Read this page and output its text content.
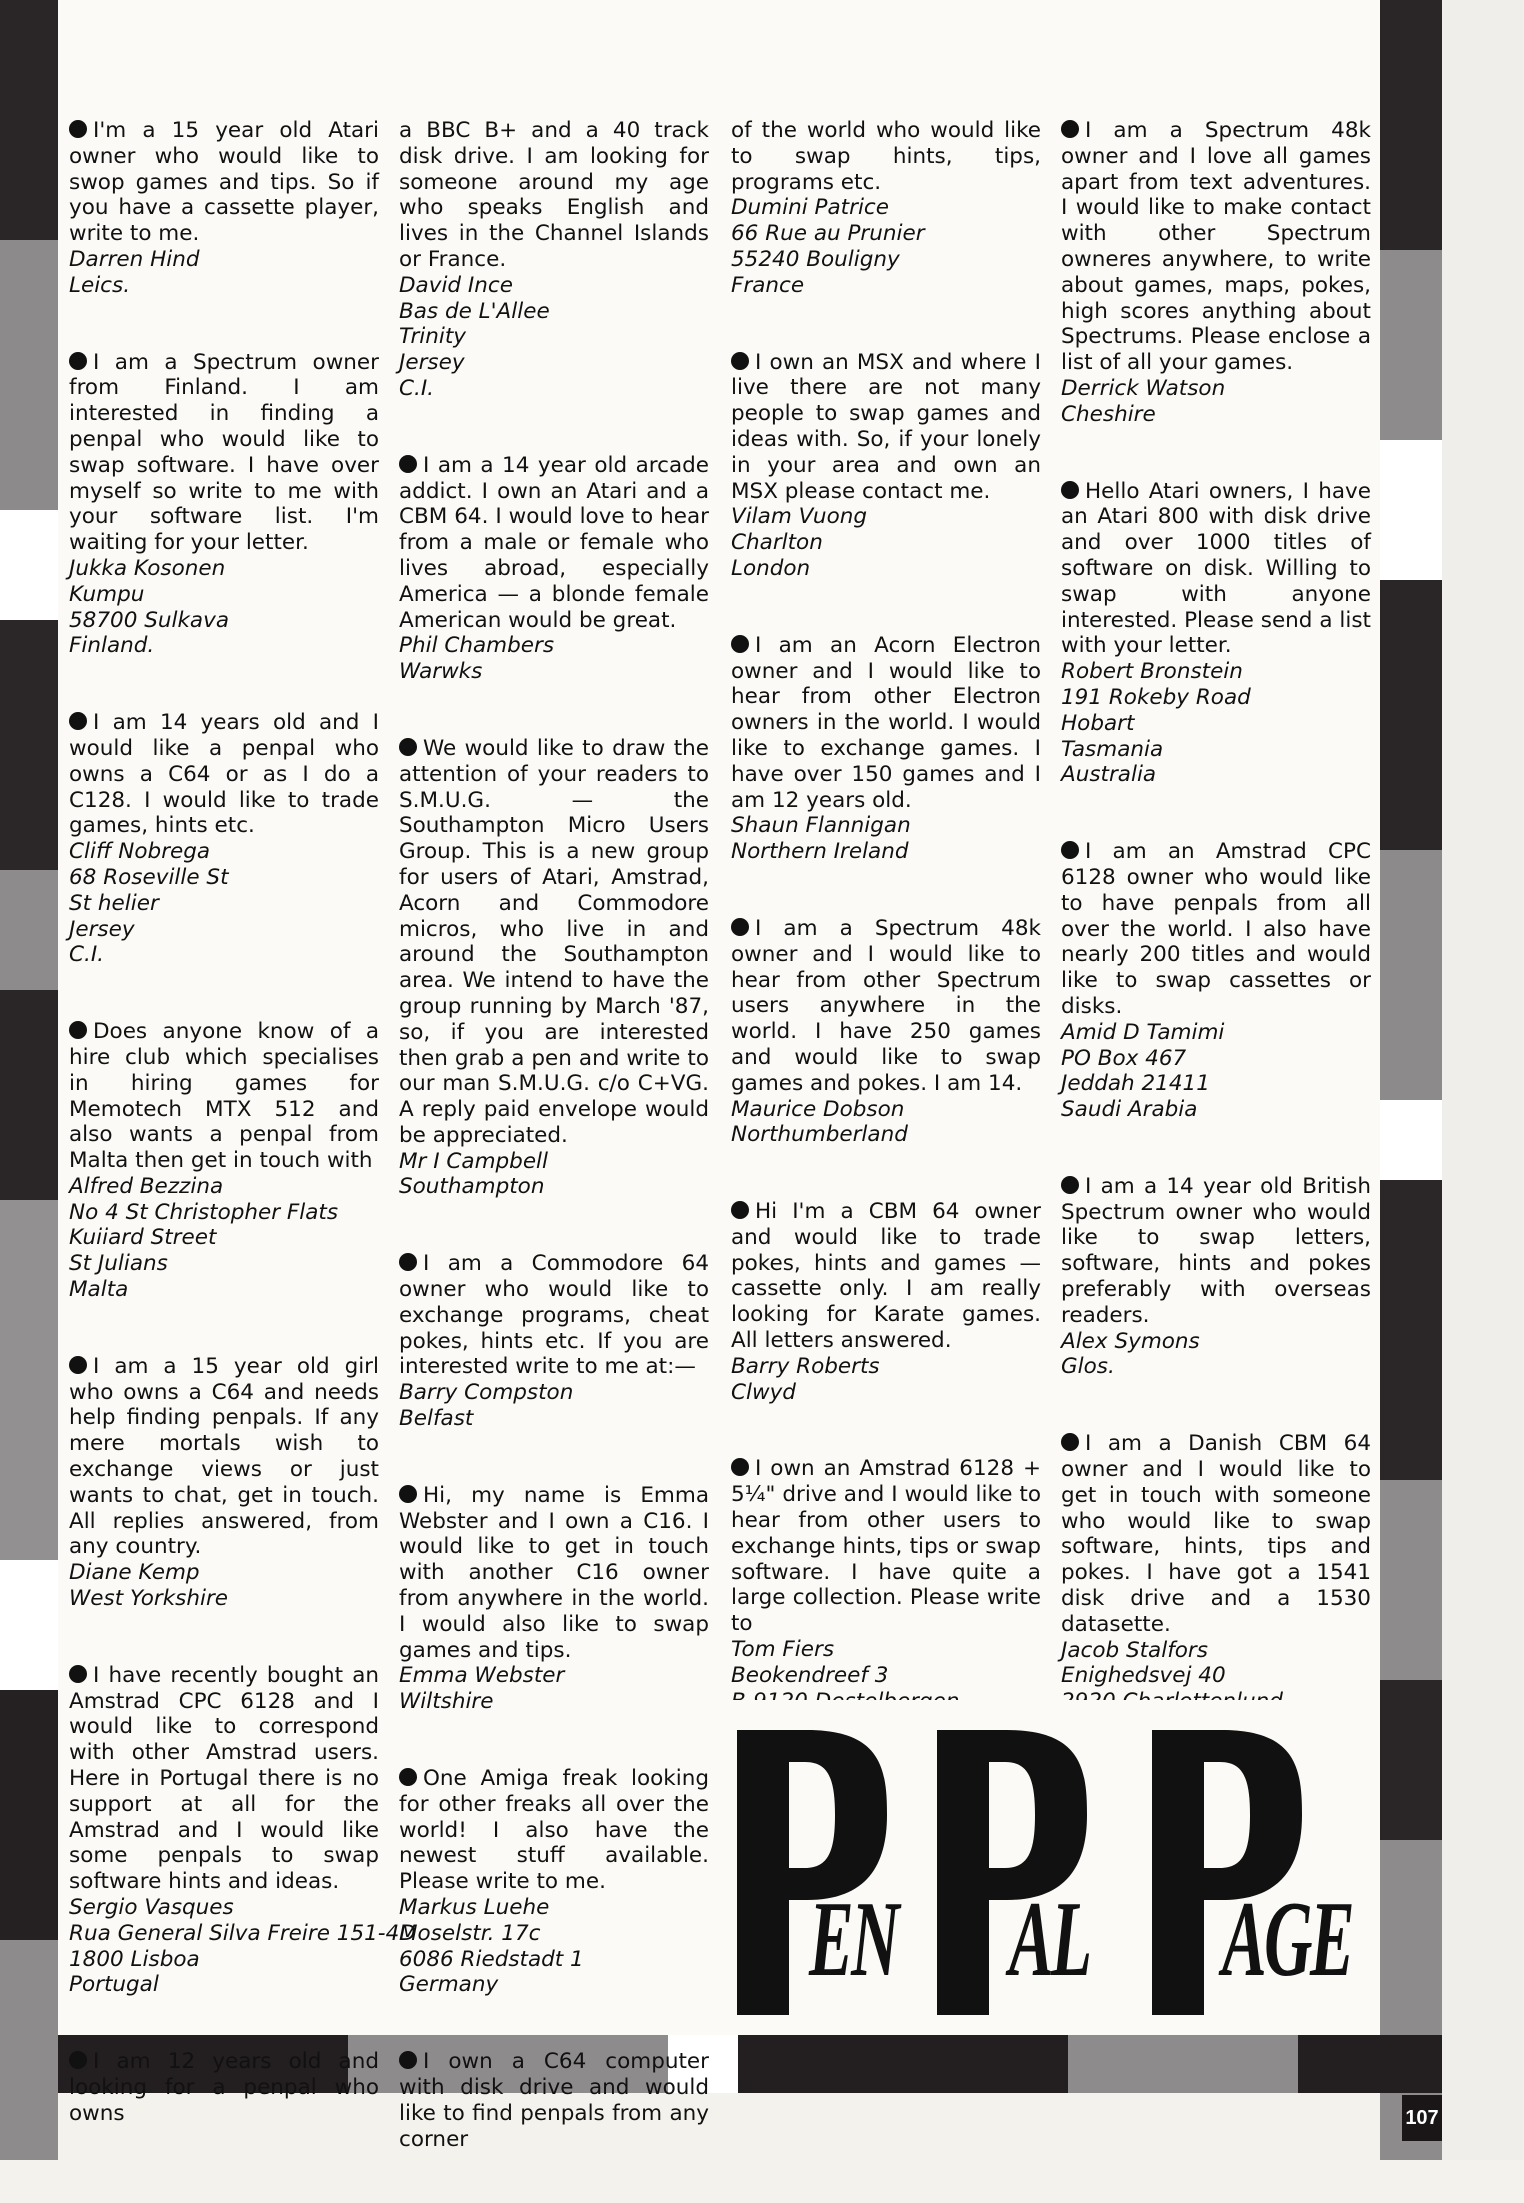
I'm a 15 year old Atari owner who would like to swop games and tips. So if you have a cassette player, write to me.

Darren Hind
Leics.

I am a Spectrum owner from Finland. I am interested in finding a penpal who would like to swap software. I have over myself so write to me with your software list. I'm waiting for your letter.

Jukka Kosonen
Kumpu
58700 Sulkava
Finland.

I am 14 years old and I would like a penpal who owns a C64 or as I do a C128. I would like to trade games, hints etc.

Cliff Nobrega
68 Roseville St
St helier
Jersey
C.I.

Does anyone know of a hire club which specialises in hiring games for Memotech MTX 512 and also wants a penpal from Malta then get in touch with

Alfred Bezzina
No 4 St Christopher Flats
Kuiiard Street
St Julians
Malta

I am a 15 year old girl who owns a C64 and needs help finding penpals. If any mere mortals wish to exchange views or just wants to chat, get in touch. All replies answered, from any country.

Diane Kemp
West Yorkshire

I have recently bought an Amstrad CPC 6128 and I would like to correspond with other Amstrad users. Here in Portugal there is no support at all for the Amstrad and I would like some penpals to swap software hints and ideas.

Sergio Vasques
Rua General Silva Freire 151-4D
1800 Lisboa
Portugal

I am 12 years old and looking for a penpal who owns

a BBC B+ and a 40 track disk drive. I am looking for someone around my age who speaks English and lives in the Channel Islands or France.

David Ince
Bas de L'Allee
Trinity
Jersey
C.I.

I am a 14 year old arcade addict. I own an Atari and a CBM 64. I would love to hear from a male or female who lives abroad, especially America — a blonde female American would be great.

Phil Chambers
Warwks

We would like to draw the attention of your readers to S.M.U.G. — the Southampton Micro Users Group. This is a new group for users of Atari, Amstrad, Acorn and Commodore micros, who live in and around the Southampton area. We intend to have the group running by March '87, so, if you are interested then grab a pen and write to our man S.M.U.G. c/o C+VG. A reply paid envelope would be appreciated.

Mr I Campbell
Southampton

I am a Commodore 64 owner who would like to exchange programs, cheat pokes, hints etc. If you are interested write to me at:—

Barry Compston
Belfast

Hi, my name is Emma Webster and I own a C16. I would like to get in touch with another C16 owner from anywhere in the world. I would also like to swap games and tips.

Emma Webster
Wiltshire

One Amiga freak looking for other freaks all over the world! I also have the newest stuff available. Please write to me.

Markus Luehe
Moselstr. 17c
6086 Riedstadt 1
Germany

I own a C64 computer with disk drive and would like to find penpals from any corner

of the world who would like to swap hints, tips, programs etc.

Dumini Patrice
66 Rue au Prunier
55240 Bouligny
France

I own an MSX and where I live there are not many people to swap games and ideas with. So, if your lonely in your area and own an MSX please contact me.

Vilam Vuong
Charlton
London

I am an Acorn Electron owner and I would like to hear from other Electron owners in the world. I would like to exchange games. I have over 150 games and I am 12 years old.

Shaun Flannigan
Northern Ireland

I am a Spectrum 48k owner and I would like to hear from other Spectrum users anywhere in the world. I have 250 games and would like to swap games and pokes. I am 14.

Maurice Dobson
Northumberland

Hi I'm a CBM 64 owner and would like to trade pokes, hints and games — cassette only. I am really looking for Karate games. All letters answered.

Barry Roberts
Clwyd

I own an Amstrad 6128 + 5¼" drive and I would like to hear from other users to exchange hints, tips or swap software. I have quite a large collection. Please write to

Tom Fiers
Beokendreef 3

I am a Spectrum 48k owner and I love all games apart from text adventures. I would like to make contact with other Spectrum owneres anywhere, to write about games, maps, pokes, high scores anything about Spectrums. Please enclose a list of all your games.

Derrick Watson
Cheshire

Hello Atari owners, I have an Atari 800 with disk drive and over 1000 titles of software on disk. Willing to swap with anyone interested. Please send a list with your letter.

Robert Bronstein
191 Rokeby Road
Hobart
Tasmania
Australia

I am an Amstrad CPC 6128 owner who would like to have penpals from all over the world. I also have nearly 200 titles and would like to swap cassettes or disks.

Amid D Tamimi
PO Box 467
Jeddah 21411
Saudi Arabia

I am a 14 year old British Spectrum owner who would like to swap letters, software, hints and pokes preferably with overseas readers.

Alex Symons
Glos.

I am a Danish CBM 64 owner and I would like to get in touch with someone who would like to swap software, hints, tips and pokes. I have got a 1541 disk drive and a 1530 datasette.

Jacob Stalfors
Enighedsvej 40
EN AL AGE
107
